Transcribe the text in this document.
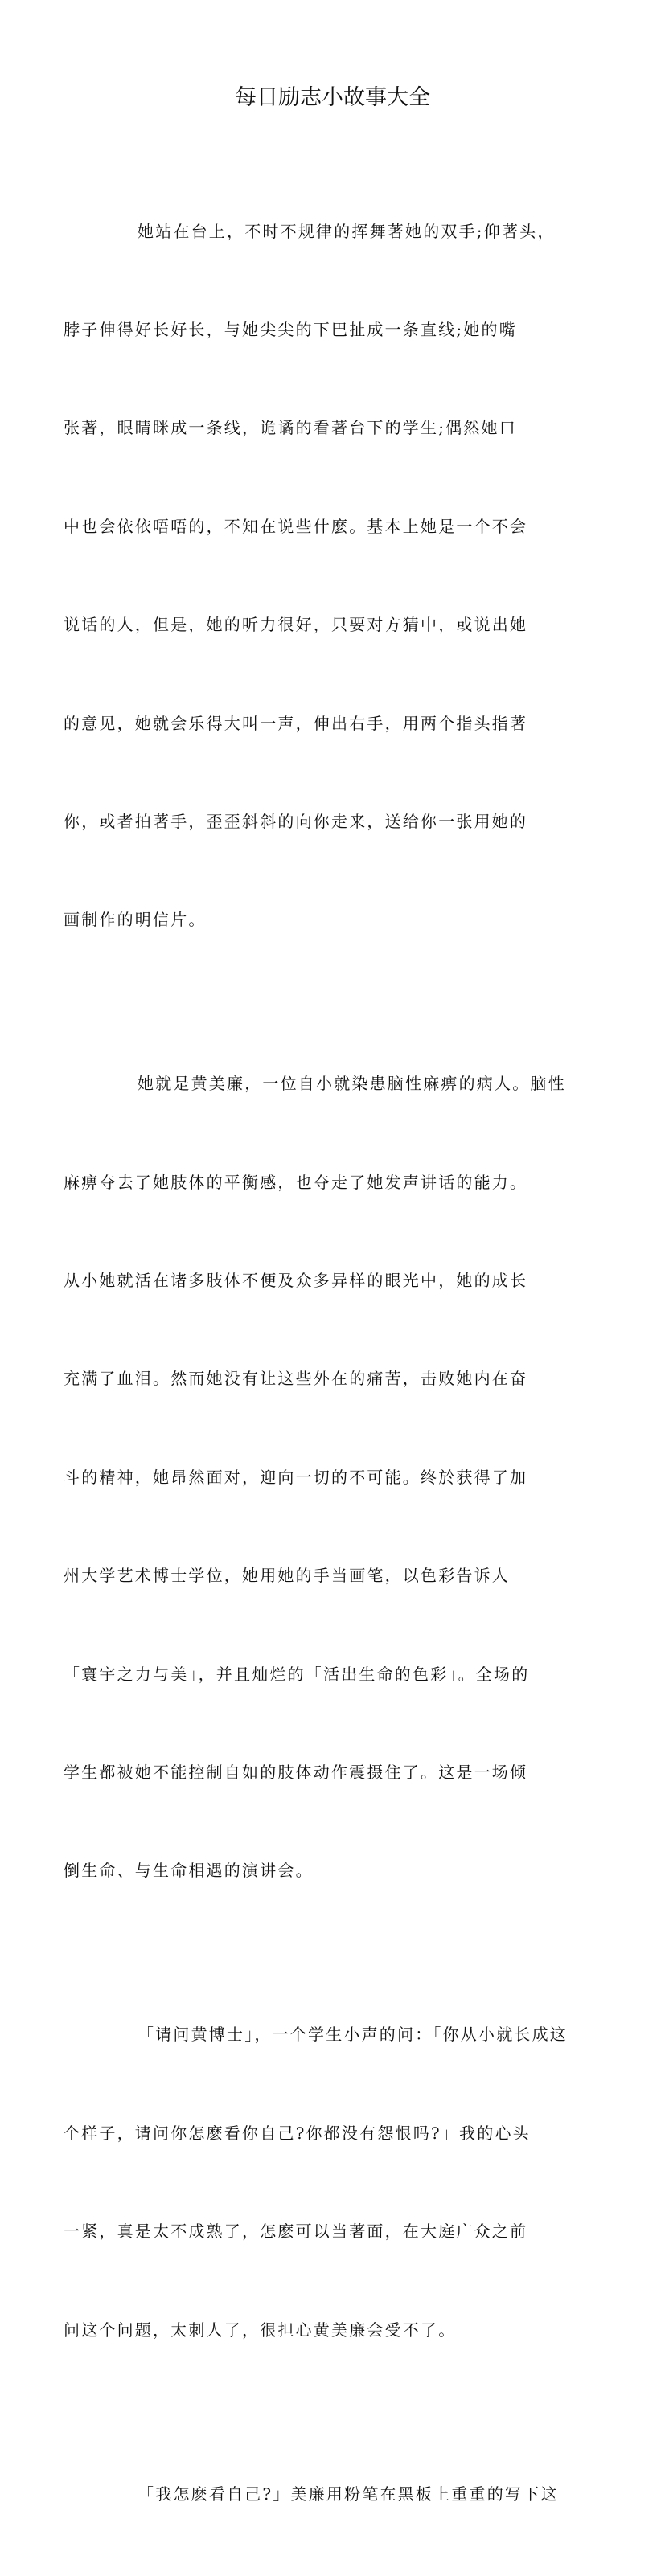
每日励志小故事大全

她站在台上，不时不规律的挥舞著她的双手;仰著头，

脖子伸得好长好长，与她尖尖的下巴扯成一条直线;她的嘴

张著，眼睛眯成一条线，诡谲的看著台下的学生;偶然她口

中也会依依唔唔的，不知在说些什麽。基本上她是一个不会

说话的人，但是，她的听力很好，只要对方猜中，或说出她

的意见，她就会乐得大叫一声，伸出右手，用两个指头指著

你，或者拍著手，歪歪斜斜的向你走来，送给你一张用她的

画制作的明信片。

她就是黄美廉，一位自小就染患脑性麻痹的病人。脑性

麻痹夺去了她肢体的平衡感，也夺走了她发声讲话的能力。

从小她就活在诸多肢体不便及众多异样的眼光中，她的成长

充满了血泪。然而她没有让这些外在的痛苦，击败她内在奋

斗的精神，她昂然面对，迎向一切的不可能。终於获得了加

州大学艺术博士学位，她用她的手当画笔，以色彩告诉人

「寰宇之力与美」，并且灿烂的「活出生命的色彩」。全场的

学生都被她不能控制自如的肢体动作震摄住了。这是一场倾

倒生命、与生命相遇的演讲会。

「请问黄博士」，一个学生小声的问：「你从小就长成这

个样子，请问你怎麽看你自己?你都没有怨恨吗?」我的心头

一紧，真是太不成熟了，怎麽可以当著面，在大庭广众之前

问这个问题，太刺人了，很担心黄美廉会受不了。

「我怎麽看自己?」美廉用粉笔在黑板上重重的写下这
